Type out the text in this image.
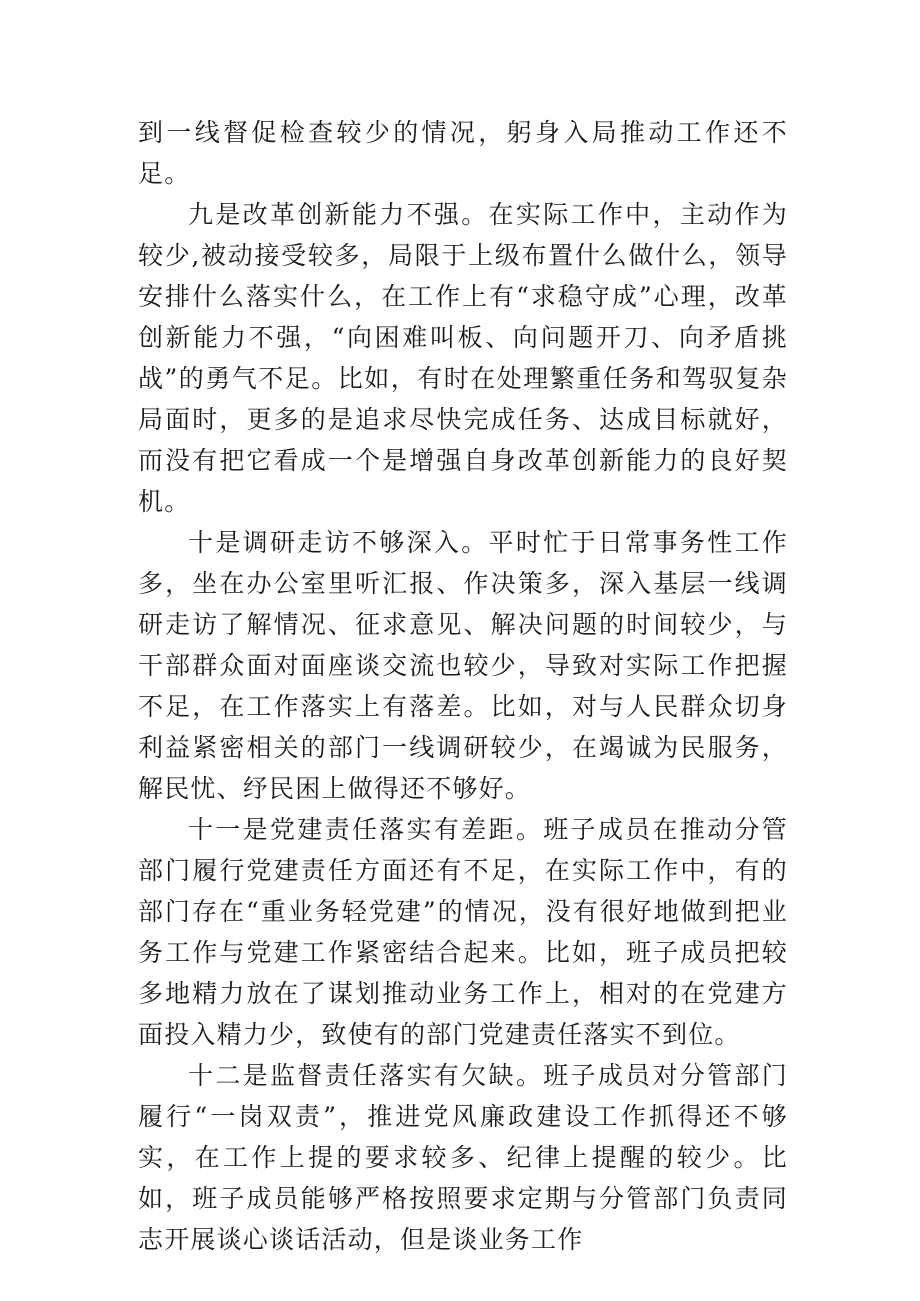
到一线督促检查较少的情况，躬身入局推动工作还不足。

九是改革创新能力不强。在实际工作中，主动作为较少,被动接受较多，局限于上级布置什么做什么，领导安排什么落实什么，在工作上有“求稳守成”心理，改革创新能力不强，“向困难叫板、向问题开刀、向矛盾挑战”的勇气不足。比如，有时在处理繁重任务和驾驭复杂局面时，更多的是追求尽快完成任务、达成目标就好，而没有把它看成一个是增强自身改革创新能力的良好契机。

十是调研走访不够深入。平时忙于日常事务性工作多，坐在办公室里听汇报、作决策多，深入基层一线调研走访了解情况、征求意见、解决问题的时间较少，与干部群众面对面座谈交流也较少，导致对实际工作把握不足，在工作落实上有落差。比如，对与人民群众切身利益紧密相关的部门一线调研较少，在竭诚为民服务，解民忧、纾民困上做得还不够好。

十一是党建责任落实有差距。班子成员在推动分管部门履行党建责任方面还有不足，在实际工作中，有的部门存在“重业务轻党建”的情况，没有很好地做到把业务工作与党建工作紧密结合起来。比如，班子成员把较多地精力放在了谋划推动业务工作上，相对的在党建方面投入精力少，致使有的部门党建责任落实不到位。

十二是监督责任落实有欠缺。班子成员对分管部门履行“一岗双责”，推进党风廉政建设工作抓得还不够实，在工作上提的要求较多、纪律上提醒的较少。比如，班子成员能够严格按照要求定期与分管部门负责同志开展谈心谈话活动，但是谈业务工作
